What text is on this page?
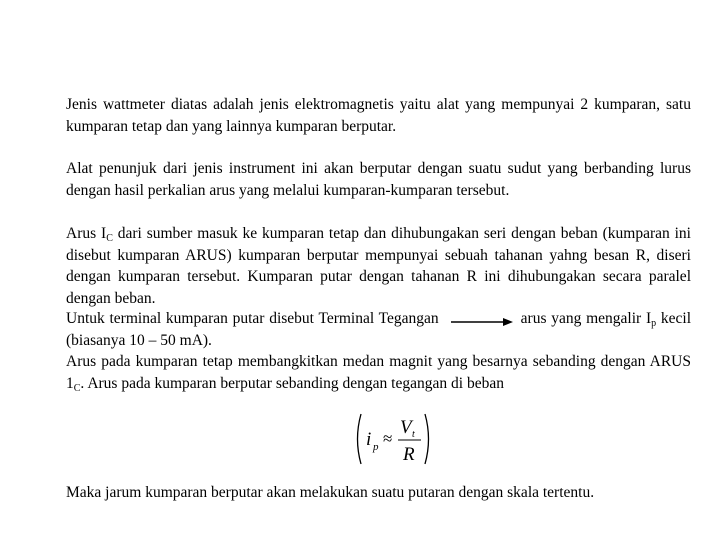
Jenis wattmeter diatas adalah jenis elektromagnetis yaitu alat yang mempunyai 2 kumparan, satu kumparan tetap dan yang lainnya kumparan berputar.

Alat penunjuk dari jenis instrument ini akan berputar dengan suatu sudut yang berbanding lurus dengan hasil perkalian arus yang melalui kumparan-kumparan tersebut.

Arus $I_C$ dari sumber masuk ke kumparan tetap dan dihubungakan seri dengan beban (kumparan ini disebut kumparan ARUS) kumparan berputar mempunyai sebuah tahanan yahng besan R, diseri dengan kumparan tersebut. Kumparan putar dengan tahanan R ini dihubungakan secara paralel dengan beban.

Untuk terminal kumparan putar disebut Terminal Tegangan	arus yang mengalir $I_p$ kecil (biasanya 10 – 50 mA).

Arus pada kumparan tetap membangkitkan medan magnit yang besarnya sebanding dengan ARUS $1_C$. Arus pada kumparan berputar sebanding dengan tegangan di beban

Maka jarum kumparan berputar akan melakukan suatu putaran dengan skala tertentu.

i p ≈
V t
R
